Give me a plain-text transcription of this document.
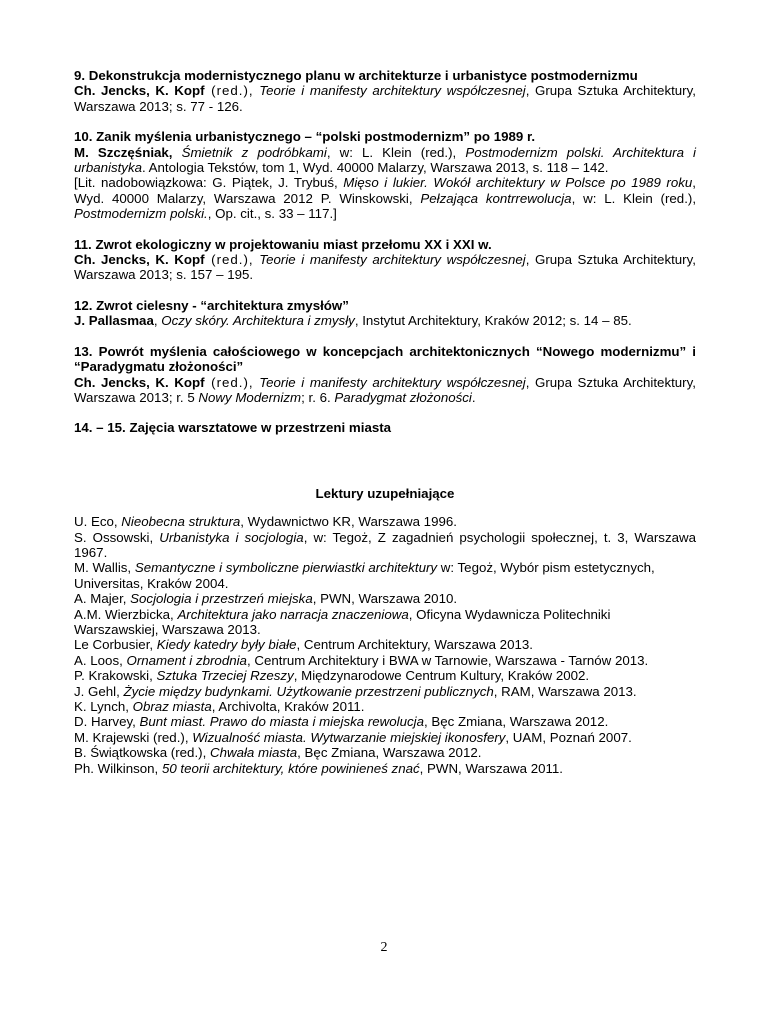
9. Dekonstrukcja modernistycznego planu w architekturze i urbanistyce postmodernizmu
Ch. Jencks, K. Kopf (red.), Teorie i manifesty architektury współczesnej, Grupa Sztuka Architektury, Warszawa 2013; s. 77 - 126.
10. Zanik myślenia urbanistycznego – “polski postmodernizm” po 1989 r.
M. Szczęśniak, Śmietnik z podróbkami, w: L. Klein (red.), Postmodernizm polski. Architektura i urbanistyka. Antologia Tekstów, tom 1, Wyd. 40000 Malarzy, Warszawa 2013, s. 118 – 142.
[Lit. nadobowiązkowa: G. Piątek, J. Trybuś, Mięso i lukier. Wokół architektury w Polsce po 1989 roku, Wyd. 40000 Malarzy, Warszawa 2012 P. Winskowski, Pełzająca kontrrewolucja, w: L. Klein (red.), Postmodernizm polski., Op. cit., s. 33 – 117.]
11. Zwrot ekologiczny w projektowaniu miast przełomu XX i XXI w.
Ch. Jencks, K. Kopf (red.), Teorie i manifesty architektury współczesnej, Grupa Sztuka Architektury, Warszawa 2013; s. 157 – 195.
12. Zwrot cielesny - “architektura zmysłów”
J. Pallasmaa, Oczy skóry. Architektura i zmysły, Instytut Architektury, Kraków 2012; s. 14 – 85.
13. Powrót myślenia całościowego w koncepcjach architektonicznych “Nowego modernizmu” i “Paradygmatu złożoności”
Ch. Jencks, K. Kopf (red.), Teorie i manifesty architektury współczesnej, Grupa Sztuka Architektury, Warszawa 2013; r. 5 Nowy Modernizm; r. 6. Paradygmat złożoności.
14. – 15. Zajęcia warsztatowe w przestrzeni miasta
Lektury uzupełniające

U. Eco, Nieobecna struktura, Wydawnictwo KR, Warszawa 1996.

S. Ossowski, Urbanistyka i socjologia, w: Tegoż, Z zagadnień psychologii społecznej, t. 3, Warszawa 1967.

M. Wallis, Semantyczne i symboliczne pierwiastki architektury w: Tegoż, Wybór pism estetycznych, Universitas, Kraków 2004.

A. Majer, Socjologia i przestrzeń miejska, PWN, Warszawa 2010.

A.M. Wierzbicka, Architektura jako narracja znaczeniowa, Oficyna Wydawnicza Politechniki Warszawskiej, Warszawa 2013.

Le Corbusier, Kiedy katedry były białe, Centrum Architektury, Warszawa 2013.

A. Loos, Ornament i zbrodnia, Centrum Architektury i BWA w Tarnowie, Warszawa - Tarnów 2013.

P. Krakowski, Sztuka Trzeciej Rzeszy, Międzynarodowe Centrum Kultury, Kraków 2002.

J. Gehl, Życie między budynkami. Użytkowanie przestrzeni publicznych, RAM, Warszawa 2013.

K. Lynch, Obraz miasta, Archivolta, Kraków 2011.

D. Harvey, Bunt miast. Prawo do miasta i miejska rewolucja, Bęc Zmiana, Warszawa 2012.

M. Krajewski (red.), Wizualność miasta. Wytwarzanie miejskiej ikonosfery, UAM, Poznań 2007.

B. Świątkowska (red.), Chwała miasta, Bęc Zmiana, Warszawa 2012.

Ph. Wilkinson, 50 teorii architektury, które powinieneś znać, PWN, Warszawa 2011.

2
